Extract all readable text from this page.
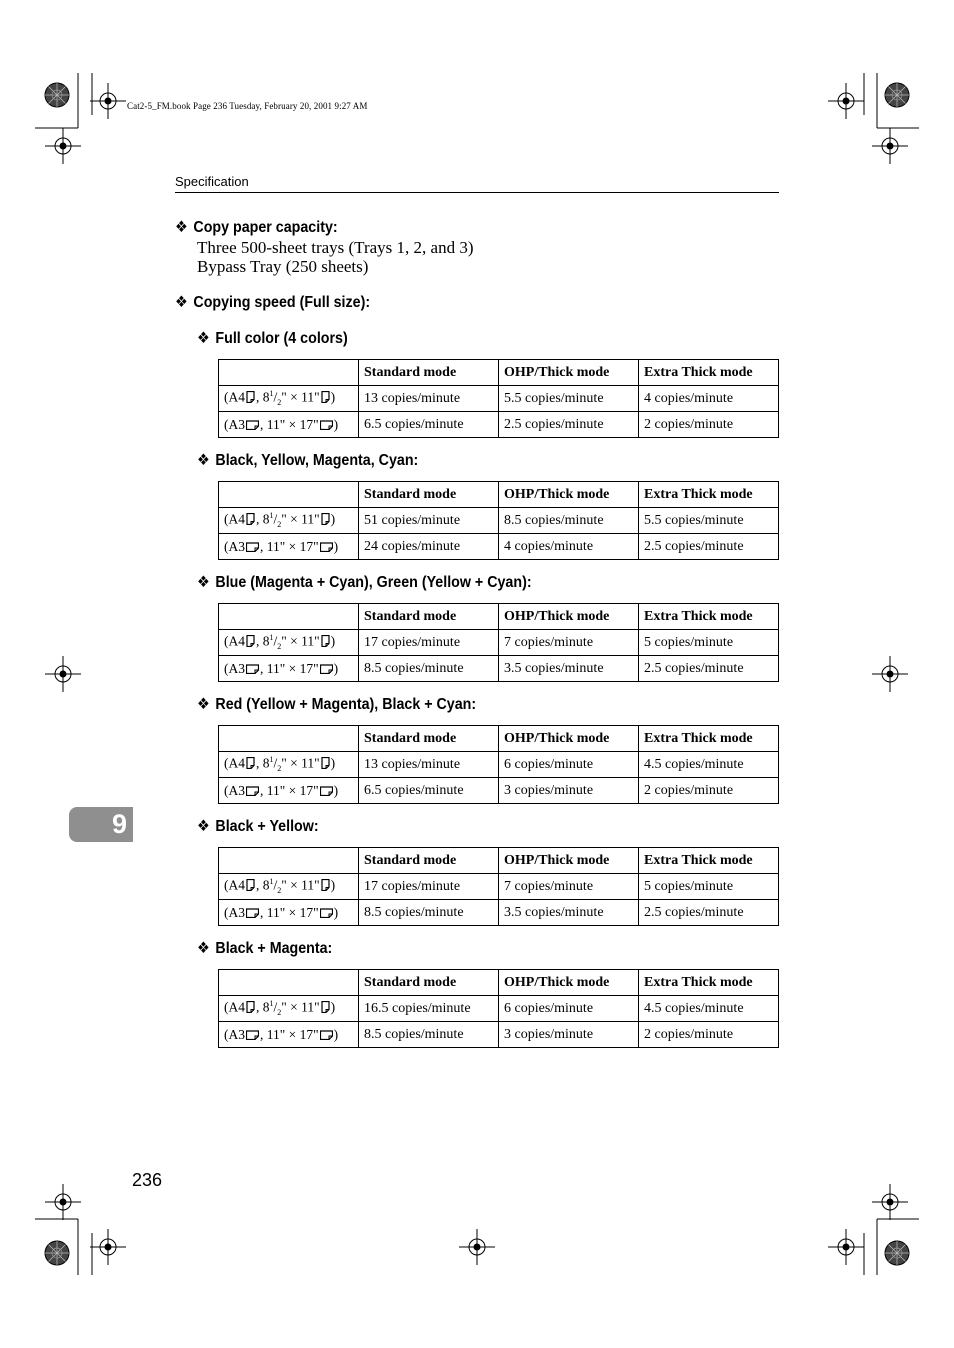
Cat2-5_FM.book Page 236 Tuesday, February 20, 2001 9:27 AM
Specification
❖ Copy paper capacity:
Three 500-sheet trays (Trays 1, 2, and 3)
Bypass Tray (250 sheets)
❖ Copying speed (Full size):
❖ Full color (4 colors)
	Standard mode	OHP/Thick mode	Extra Thick mode
(A4 , $8^1/_2$" × 11" )	13 copies/minute	5.5 copies/minute	4 copies/minute
(A3 , 11" × 17" )	6.5 copies/minute	2.5 copies/minute	2 copies/minute
❖ Black, Yellow, Magenta, Cyan:
	Standard mode	OHP/Thick mode	Extra Thick mode
(A4 , $8^1/_2$" × 11" )	51 copies/minute	8.5 copies/minute	5.5 copies/minute
(A3 , 11" × 17" )	24 copies/minute	4 copies/minute	2.5 copies/minute
❖ Blue (Magenta + Cyan), Green (Yellow + Cyan):
	Standard mode	OHP/Thick mode	Extra Thick mode
(A4 , $8^1/_2$" × 11" )	17 copies/minute	7 copies/minute	5 copies/minute
(A3 , 11" × 17" )	8.5 copies/minute	3.5 copies/minute	2.5 copies/minute
❖ Red (Yellow + Magenta), Black + Cyan:
	Standard mode	OHP/Thick mode	Extra Thick mode
(A4 , $8^1/_2$" × 11" )	13 copies/minute	6 copies/minute	4.5 copies/minute
(A3 , 11" × 17" )	6.5 copies/minute	3 copies/minute	2 copies/minute
❖ Black + Yellow:
	Standard mode	OHP/Thick mode	Extra Thick mode
(A4 , $8^1/_2$" × 11" )	17 copies/minute	7 copies/minute	5 copies/minute
(A3 , 11" × 17" )	8.5 copies/minute	3.5 copies/minute	2.5 copies/minute
❖ Black + Magenta:
	Standard mode	OHP/Thick mode	Extra Thick mode
(A4 , $8^1/_2$" × 11" )	16.5 copies/minute	6 copies/minute	4.5 copies/minute
(A3 , 11" × 17" )	8.5 copies/minute	3 copies/minute	2 copies/minute
9
236
